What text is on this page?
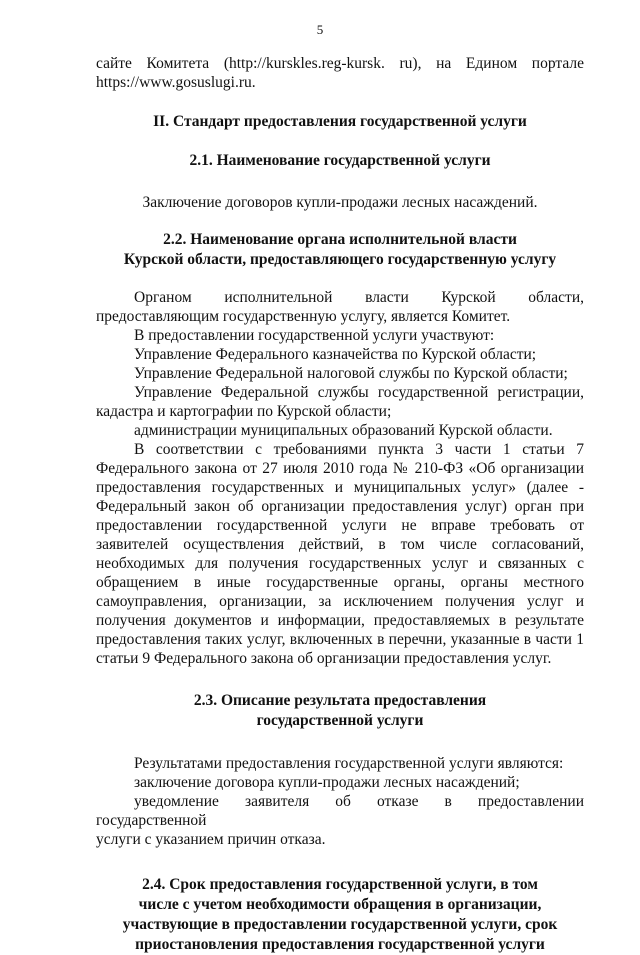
5

сайте Комитета (http://kurskles.reg-kursk. ru), на Едином портале

https://www.gosuslugi.ru.

II. Стандарт предоставления государственной услуги

2.1. Наименование государственной услуги

Заключение договоров купли-продажи лесных насаждений.

2.2. Наименование органа исполнительной власти

Курской области, предоставляющего государственную услугу

Органом исполнительной власти Курской области,

предоставляющим государственную услугу, является Комитет.

В предоставлении государственной услуги участвуют:

Управление Федерального казначейства по Курской области;

Управление Федеральной налоговой службы по Курской области;

Управление Федеральной службы государственной регистрации,

кадастра и картографии по Курской области;

администрации муниципальных образований Курской области.

В соответствии с требованиями пункта 3 части 1 статьи 7

Федерального закона от 27 июля 2010 года № 210-ФЗ «Об организации

предоставления государственных и муниципальных услуг» (далее -

Федеральный закон об организации предоставления услуг) орган при

предоставлении государственной услуги не вправе требовать от

заявителей осуществления действий, в том числе согласований,

необходимых для получения государственных услуг и связанных с

обращением в иные государственные органы, органы местного

самоуправления, организации, за исключением получения услуг и

получения документов и информации, предоставляемых в результате

предоставления таких услуг, включенных в перечни, указанные в части 1

статьи 9 Федерального закона об организации предоставления услуг.

2.3. Описание результата предоставления

государственной услуги

Результатами предоставления государственной услуги являются:

заключение договора купли-продажи лесных насаждений;

уведомление заявителя об отказе в предоставлении государственной

услуги с указанием причин отказа.

2.4. Срок предоставления государственной услуги, в том

числе с учетом необходимости обращения в организации,

участвующие в предоставлении государственной услуги, срок

приостановления предоставления государственной услуги
